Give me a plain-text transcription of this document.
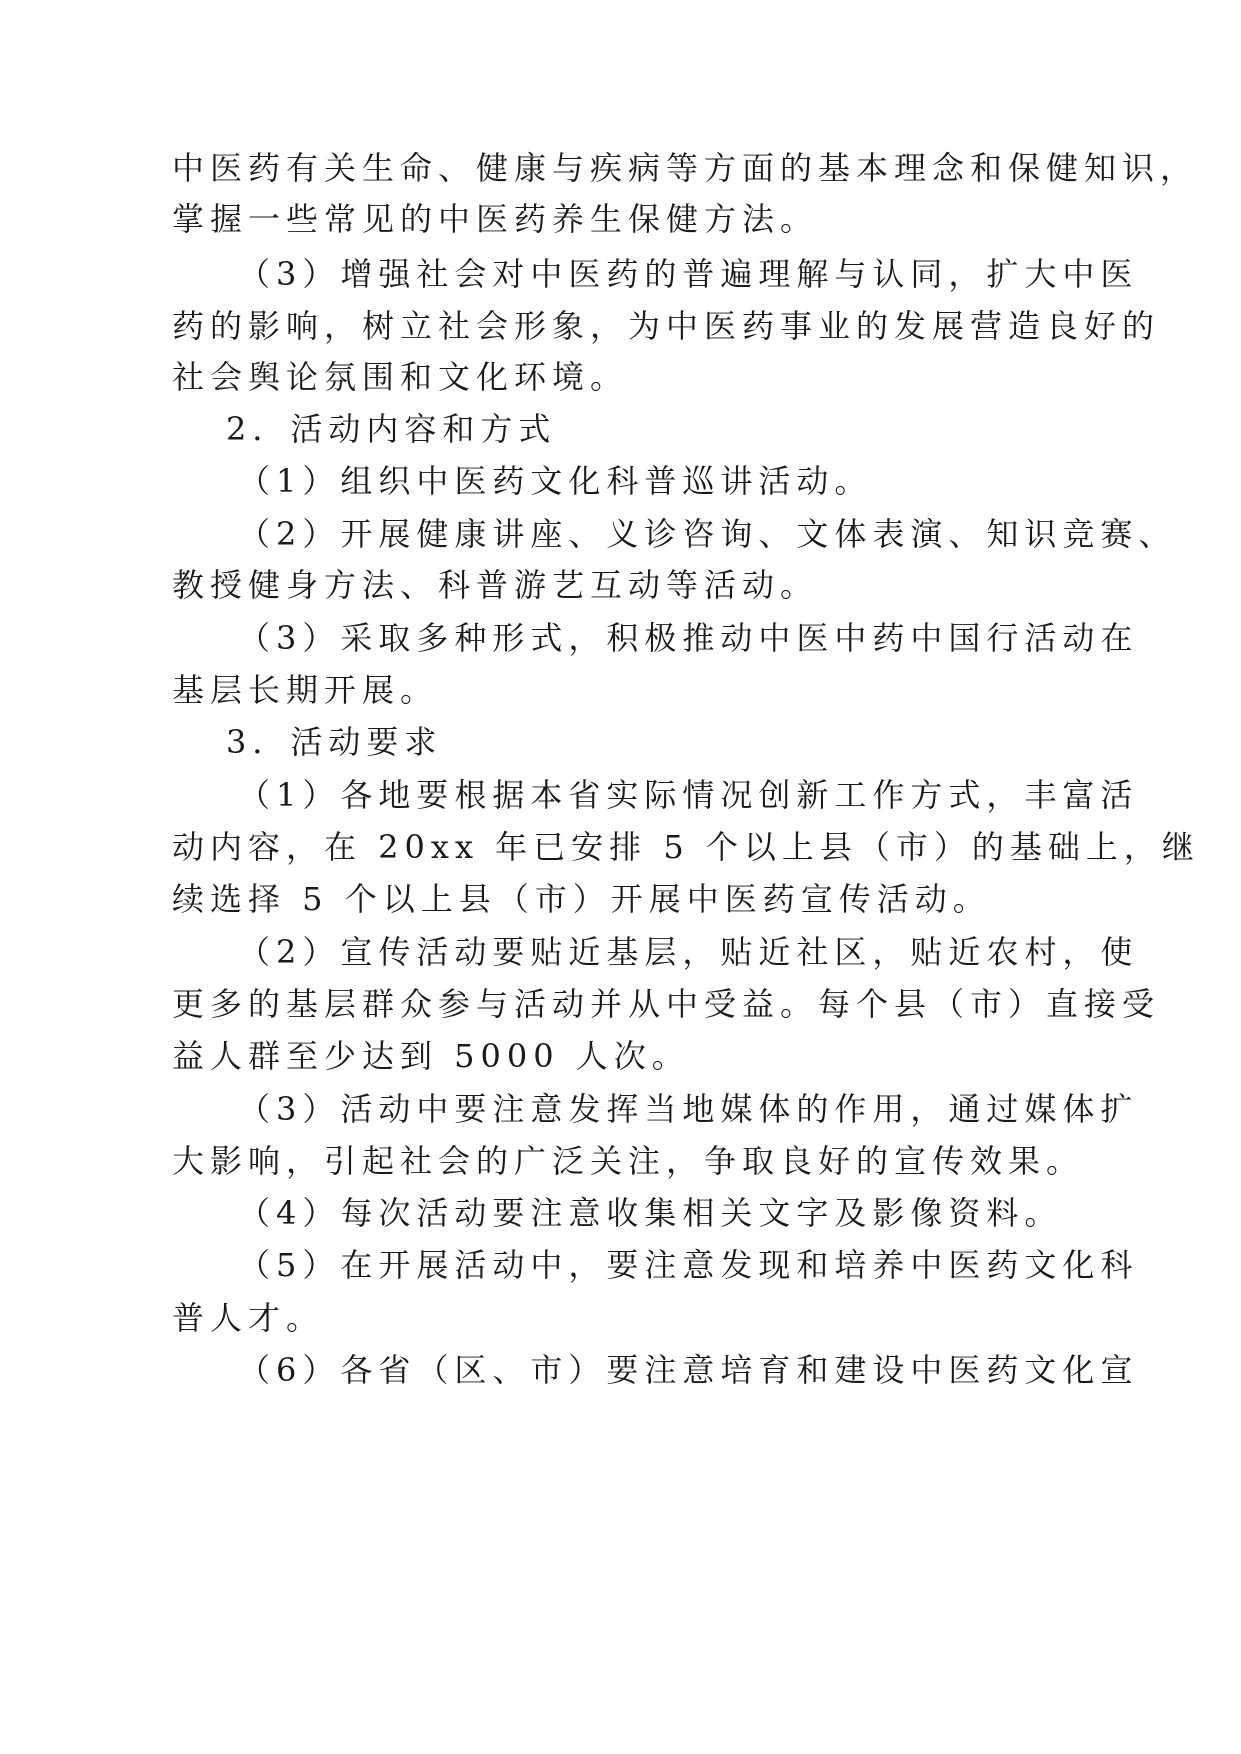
中医药有关生命、健康与疾病等方面的基本理念和保健知识，
掌握一些常见的中医药养生保健方法。
（3）增强社会对中医药的普遍理解与认同，扩大中医
药的影响，树立社会形象，为中医药事业的发展营造良好的
社会舆论氛围和文化环境。
2．活动内容和方式
（1）组织中医药文化科普巡讲活动。
（2）开展健康讲座、义诊咨询、文体表演、知识竞赛、
教授健身方法、科普游艺互动等活动。
（3）采取多种形式，积极推动中医中药中国行活动在
基层长期开展。
3．活动要求
（1）各地要根据本省实际情况创新工作方式，丰富活
动内容，在 20xx 年已安排 5 个以上县（市）的基础上，继
续选择 5 个以上县（市）开展中医药宣传活动。
（2）宣传活动要贴近基层，贴近社区，贴近农村，使
更多的基层群众参与活动并从中受益。每个县（市）直接受
益人群至少达到 5000 人次。
（3）活动中要注意发挥当地媒体的作用，通过媒体扩
大影响，引起社会的广泛关注，争取良好的宣传效果。
（4）每次活动要注意收集相关文字及影像资料。
（5）在开展活动中，要注意发现和培养中医药文化科
普人才。
（6）各省（区、市）要注意培育和建设中医药文化宣
